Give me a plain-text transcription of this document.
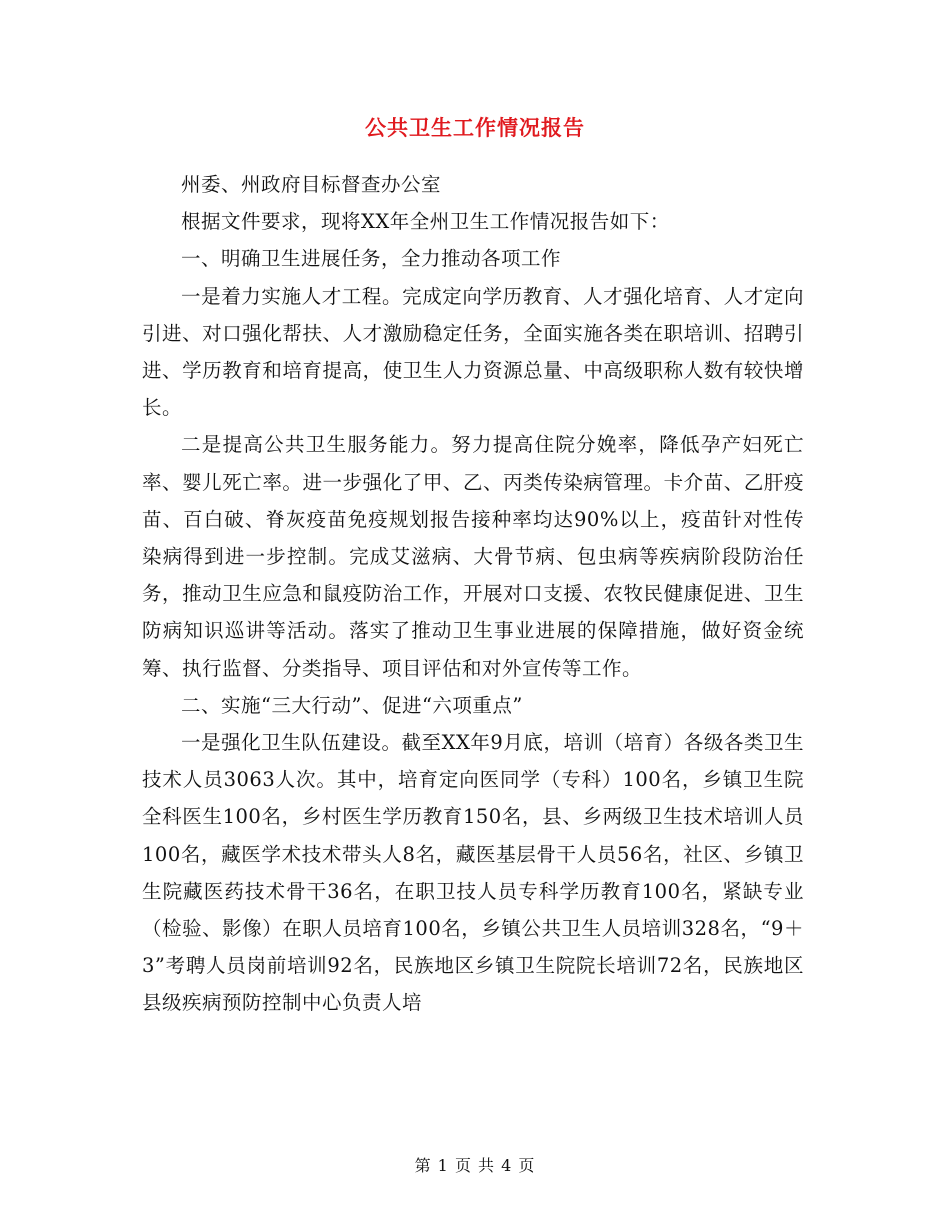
公共卫生工作情况报告

州委、州政府目标督查办公室

根据文件要求，现将XX年全州卫生工作情况报告如下：

一、明确卫生进展任务，全力推动各项工作

一是着力实施人才工程。完成定向学历教育、人才强化培育、人才定向引进、对口强化帮扶、人才激励稳定任务，全面实施各类在职培训、招聘引进、学历教育和培育提高，使卫生人力资源总量、中高级职称人数有较快增长。

二是提高公共卫生服务能力。努力提高住院分娩率，降低孕产妇死亡率、婴儿死亡率。进一步强化了甲、乙、丙类传染病管理。卡介苗、乙肝疫苗、百白破、脊灰疫苗免疫规划报告接种率均达90%以上，疫苗针对性传染病得到进一步控制。完成艾滋病、大骨节病、包虫病等疾病阶段防治任务，推动卫生应急和鼠疫防治工作，开展对口支援、农牧民健康促进、卫生防病知识巡讲等活动。落实了推动卫生事业进展的保障措施，做好资金统筹、执行监督、分类指导、项目评估和对外宣传等工作。

二、实施“三大行动”、促进“六项重点”

一是强化卫生队伍建设。截至XX年9月底，培训（培育）各级各类卫生技术人员3063人次。其中，培育定向医同学（专科）100名，乡镇卫生院全科医生100名，乡村医生学历教育150名，县、乡两级卫生技术培训人员100名，藏医学术技术带头人8名，藏医基层骨干人员56名，社区、乡镇卫生院藏医药技术骨干36名，在职卫技人员专科学历教育100名，紧缺专业（检验、影像）在职人员培育100名，乡镇公共卫生人员培训328名，“9＋3”考聘人员岗前培训92名，民族地区乡镇卫生院院长培训72名，民族地区县级疾病预防控制中心负责人培

第 1 页 共 4 页
